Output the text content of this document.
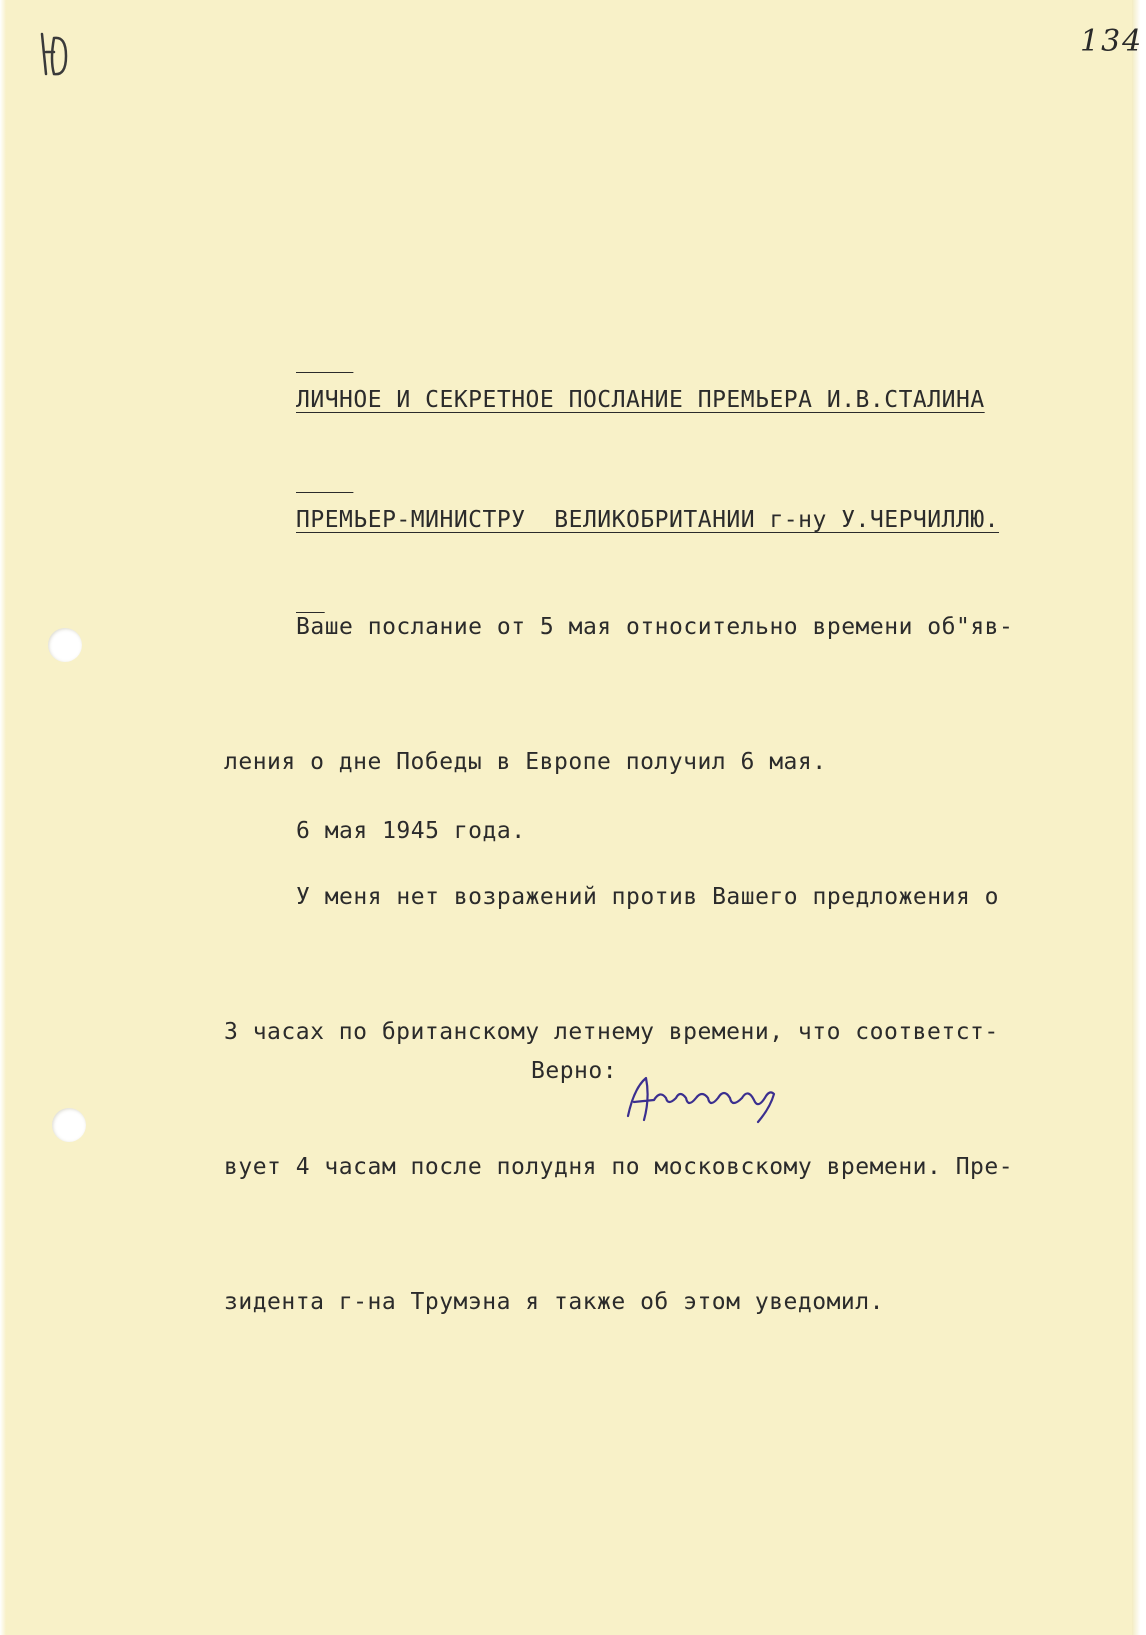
134

ЛИЧНОЕ И СЕКРЕТНОЕ ПОСЛАНИЕ ПРЕМЬЕРА И.В.СТАЛИНА

ПРЕМЬЕР-МИНИСТРУ  ВЕЛИКОБРИТАНИИ г-ну У.ЧЕРЧИЛЛЮ.

Ваше послание от 5 мая относительно времени об"яв-

ления о дне Победы в Европе получил 6 мая.

У меня нет возражений против Вашего предложения о

3 часах по британскому летнему времени, что соответст-

вует 4 часам после полудня по московскому времени. Пре-

зидента г-на Трумэна я также об этом уведомил.

6 мая 1945 года.
Верно:
